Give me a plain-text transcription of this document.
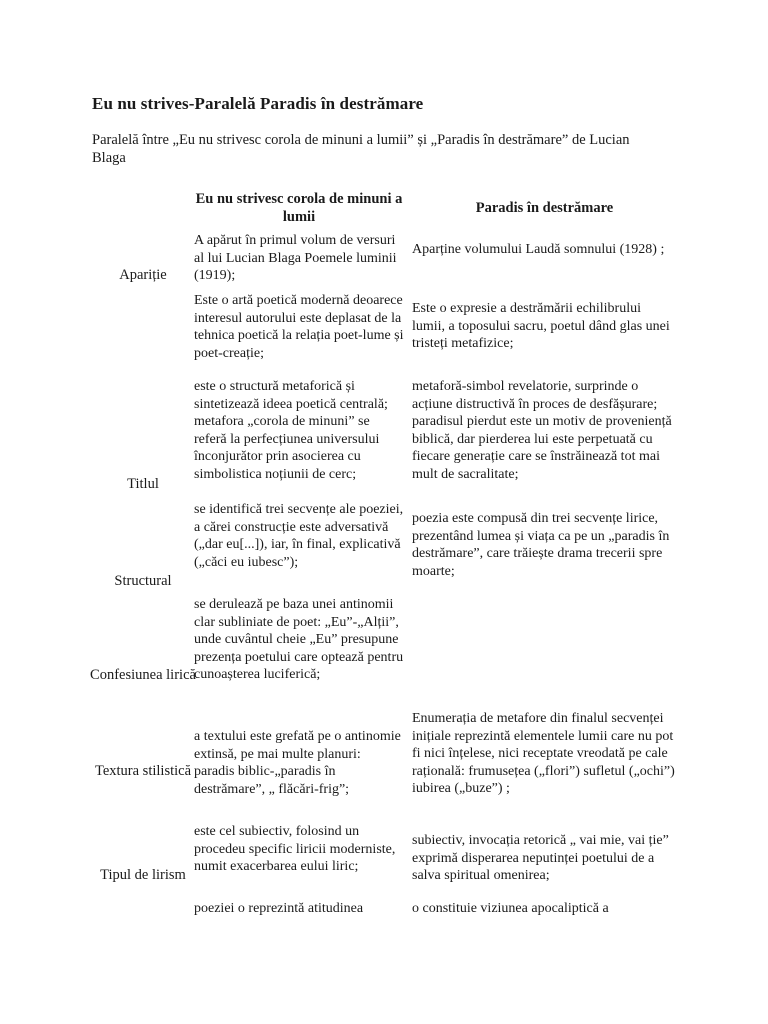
Eu nu strives-Paralelă Paradis în destrămare
Paralelă între „Eu nu strivesc corola de minuni a lumii” și „Paradis în destrămare” de Lucian Blaga
Eu nu strivesc corola de minuni a lumii
Paradis în destrămare
Apariție
A apărut în primul volum de versuri al lui Lucian Blaga Poemele luminii (1919);
Aparține volumului Laudă somnului (1928) ;
Este o artă poetică modernă deoarece interesul autorului este deplasat de la tehnica poetică la relația poet-lume și poet-creație;
Este o expresie a destrămării echilibrului lumii, a toposului sacru, poetul dând glas unei tristeți metafizice;
Titlul
este o structură metaforică și sintetizează ideea poetică centrală; metafora „corola de minuni” se referă la perfecțiunea universului înconjurător prin asocierea cu simbolistica noțiunii de cerc;
metaforă-simbol revelatorie, surprinde o acțiune distructivă în proces de desfășurare; paradisul pierdut este un motiv de proveniență biblică, dar pierderea lui este perpetuată cu fiecare generație care se înstrăinează tot mai mult de sacralitate;
Structural
se identifică trei secvențe ale poeziei, a cărei construcție este adversativă („dar eu[...]), iar, în final, explicativă („căci eu iubesc”);
poezia este compusă din trei secvențe lirice, prezentând lumea și viața ca pe un „paradis în destrămare”, care trăiește drama trecerii spre moarte;
Confesiunea lirică
se derulează pe baza unei antinomii clar subliniate de poet: „Eu”-„Alții”, unde cuvântul cheie „Eu” presupune prezența poetului care optează pentru cunoașterea luciferică;
Textura stilistică
a textului este grefată pe o antinomie extinsă, pe mai multe planuri: paradis biblic-„paradis în destrămare”, „ flăcări-frig”;
Enumerația de metafore din finalul secvenței inițiale reprezintă elementele lumii care nu pot fi nici înțelese, nici receptate vreodată pe cale rațională: frumusețea („flori”) sufletul („ochi”) iubirea („buze”) ;
Tipul de lirism
este cel subiectiv, folosind un procedeu specific liricii moderniste, numit exacerbarea eului liric;
subiectiv, invocația retorică „ vai mie, vai ție” exprimă disperarea neputinței poetului de a salva spiritual omenirea;
poeziei o reprezintă atitudinea	o constituie viziunea apocaliptică a
